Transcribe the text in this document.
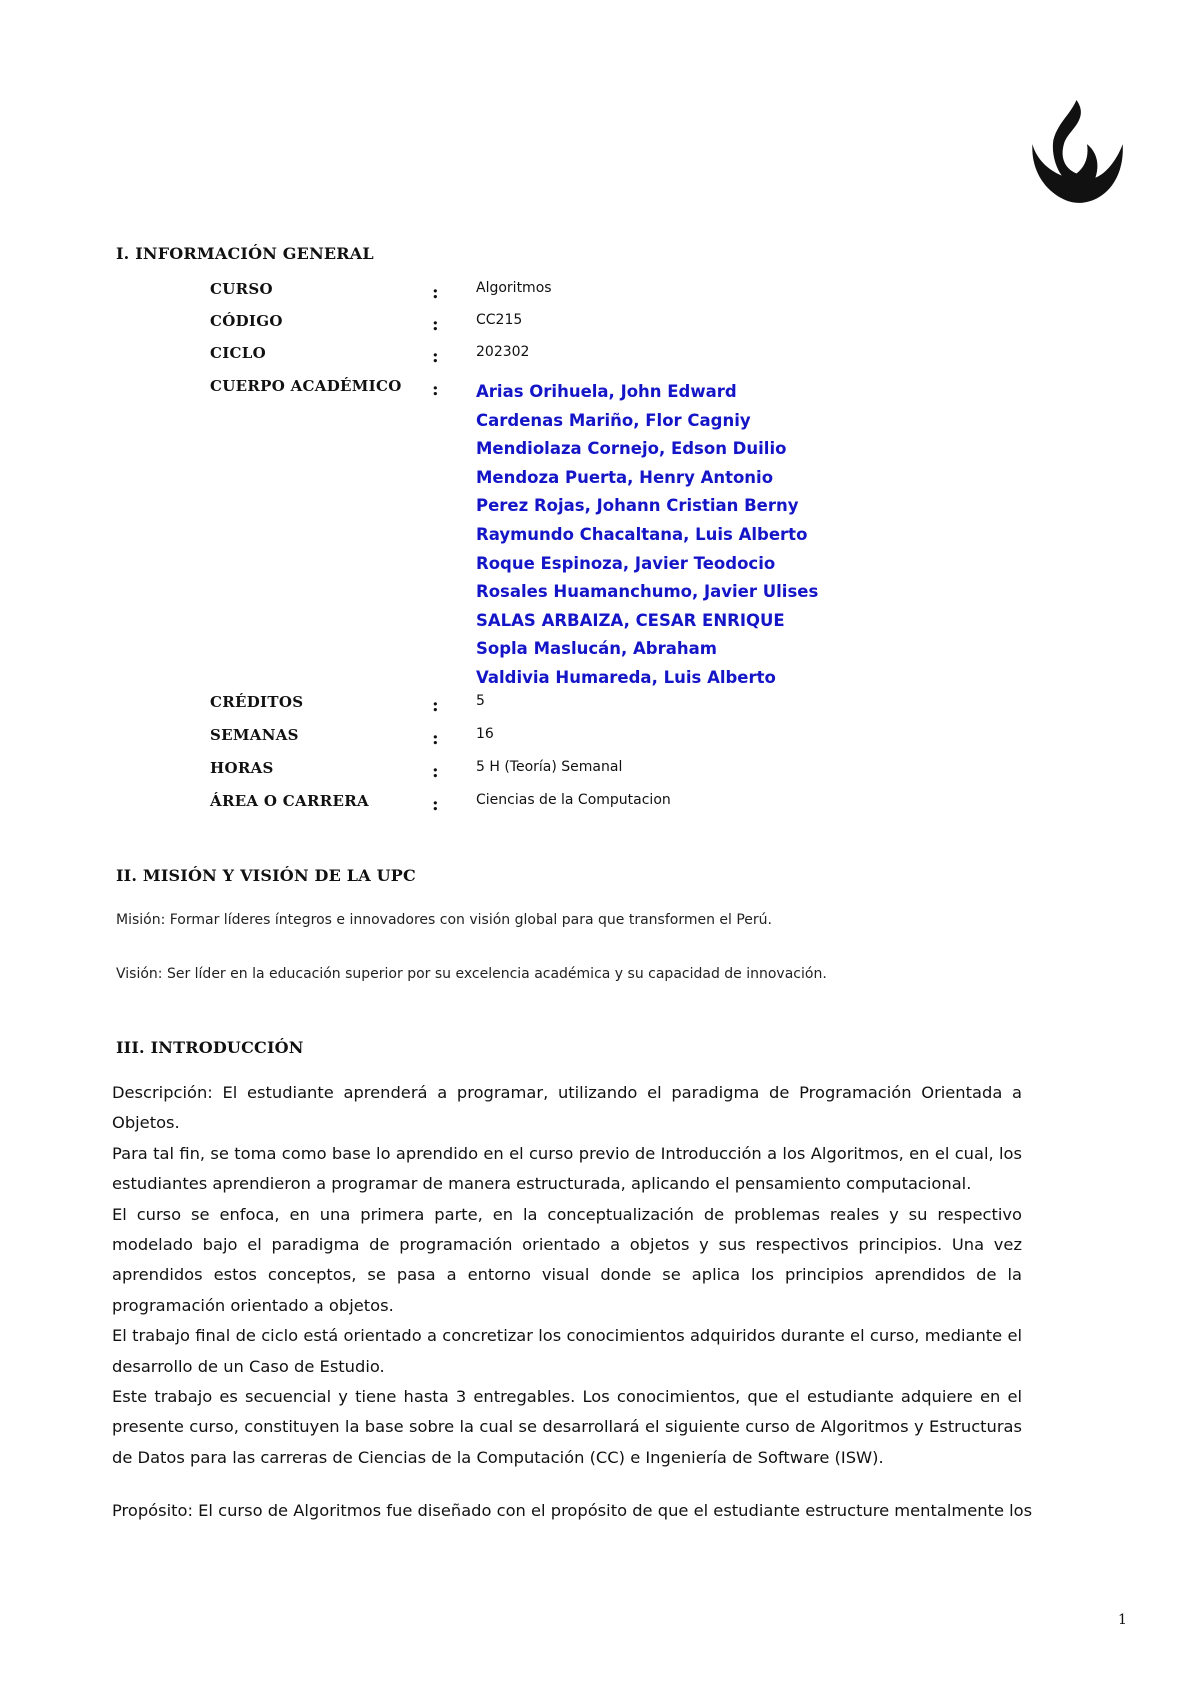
I. INFORMACIÓN GENERAL
CURSO	:	Algoritmos
CÓDIGO	:	CC215
CICLO	:	202302
CUERPO ACADÉMICO : Arias Orihuela, John Edward
Cardenas Mariño, Flor Cagniy
Mendiolaza Cornejo, Edson Duilio
Mendoza Puerta, Henry Antonio
Perez Rojas, Johann Cristian Berny
Raymundo Chacaltana, Luis Alberto
Roque Espinoza, Javier Teodocio
Rosales Huamanchumo, Javier Ulises
SALAS ARBAIZA, CESAR ENRIQUE
Sopla Maslucán, Abraham
Valdivia Humareda, Luis Alberto
CRÉDITOS	:	5
SEMANAS	:	16
HORAS	:	5 H (Teoría) Semanal
ÁREA O CARRERA	:	Ciencias de la Computacion
II. MISIÓN Y VISIÓN DE LA UPC
Misión: Formar líderes íntegros e innovadores con visión global para que transformen el Perú.
Visión: Ser líder en la educación superior por su excelencia académica y su capacidad de innovación.
III. INTRODUCCIÓN

Descripción: El estudiante aprenderá a programar, utilizando el paradigma de Programación Orientada a Objetos.

Para tal fin, se toma como base lo aprendido en el curso previo de Introducción a los Algoritmos, en el cual, los estudiantes aprendieron a programar de manera estructurada, aplicando el pensamiento computacional.

El curso se enfoca, en una primera parte, en la conceptualización de problemas reales y su respectivo modelado bajo el paradigma de programación orientado a objetos y sus respectivos principios. Una vez aprendidos estos conceptos, se pasa a entorno visual donde se aplica los principios aprendidos de la programación orientado a objetos.

El trabajo final de ciclo está orientado a concretizar los conocimientos adquiridos durante el curso, mediante el desarrollo de un Caso de Estudio.

Este trabajo es secuencial y tiene hasta 3 entregables. Los conocimientos, que el estudiante adquiere en el presente curso, constituyen la base sobre la cual se desarrollará el siguiente curso de Algoritmos y Estructuras de Datos para las carreras de Ciencias de la Computación (CC) e Ingeniería de Software (ISW).

Propósito: El curso de Algoritmos fue diseñado con el propósito de que el estudiante estructure mentalmente los
1
